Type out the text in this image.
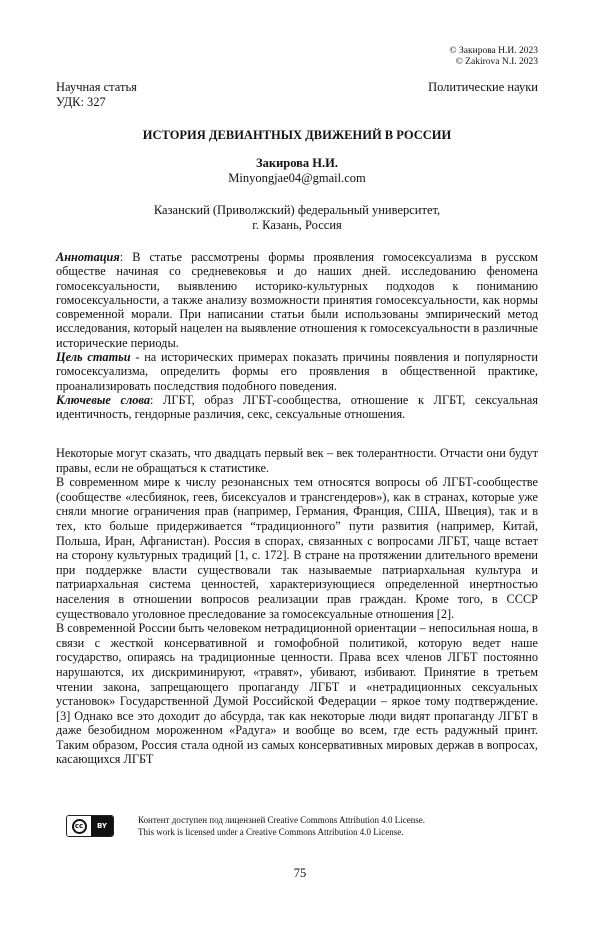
© Закирова Н.И. 2023
© Zakirova N.I. 2023
Научная статья
УДК: 327
Политические науки
ИСТОРИЯ ДЕВИАНТНЫХ ДВИЖЕНИЙ В РОССИИ
Закирова Н.И.
Minyongjae04@gmail.com
Казанский (Приволжский) федеральный университет,
г. Казань, Россия

Аннотация: В статье рассмотрены формы проявления гомосексуализма в русском обществе начиная со средневековья и до наших дней. исследованию феномена гомосексуальности, выявлению историко-культурных подходов к пониманию гомосексуальности, а также анализу возможности принятия гомосексуальности, как нормы современной морали. При написании статьи были использованы эмпирический метод исследования, который нацелен на выявление отношения к гомосексуальности в различные исторические периоды.

Цель статьи - на исторических примерах показать причины появления и популярности гомосексуализма, определить формы его проявления в общественной практике, проанализировать последствия подобного поведения.

Ключевые слова: ЛГБТ, образ ЛГБТ-сообщества, отношение к ЛГБТ, сексуальная идентичность, гендорные различия, секс, сексуальные отношения.

Некоторые могут сказать, что двадцать первый век – век толерантности. Отчасти они будут правы, если не обращаться к статистике.

В современном мире к числу резонансных тем относятся вопросы об ЛГБТ-сообществе (сообществе «лесбиянок, геев, бисексуалов и трансгендеров»), как в странах, которые уже сняли многие ограничения прав (например, Германия, Франция, США, Швеция), так и в тех, кто больше придерживается “традиционного” пути развития (например, Китай, Польша, Иран, Афганистан). Россия в спорах, связанных с вопросами ЛГБТ, чаще встает на сторону культурных традиций [1, с. 172]. В стране на протяжении длительного времени при поддержке власти существовали так называемые патриархальная культура и патриархальная система ценностей, характеризующиеся определенной инертностью населения в отношении вопросов реализации прав граждан. Кроме того, в СССР существовало уголовное преследование за гомосексуальные отношения [2].

В современной России быть человеком нетрадиционной ориентации – непосильная ноша, в связи с жесткой консервативной и гомофобной политикой, которую ведет наше государство, опираясь на традиционные ценности. Права всех членов ЛГБТ постоянно нарушаются, их дискриминируют, «травят», убивают, избивают. Принятие в третьем чтении закона, запрещающего пропаганду ЛГБТ и «нетрадиционных сексуальных установок» Государственной Думой Российской Федерации – яркое тому подтверждение. [3] Однако все это доходит до абсурда, так как некоторые люди видят пропаганду ЛГБТ в даже безобидном мороженном «Радуга» и вообще во всем, где есть радужный принт. Таким образом, Россия стала одной из самых консервативных мировых держав в вопросах, касающихся ЛГБТ

cc	BY
Контент доступен под лицензией Creative Commons Attribution 4.0 License.
This work is licensed under a Creative Commons Attribution 4.0 License.
75
